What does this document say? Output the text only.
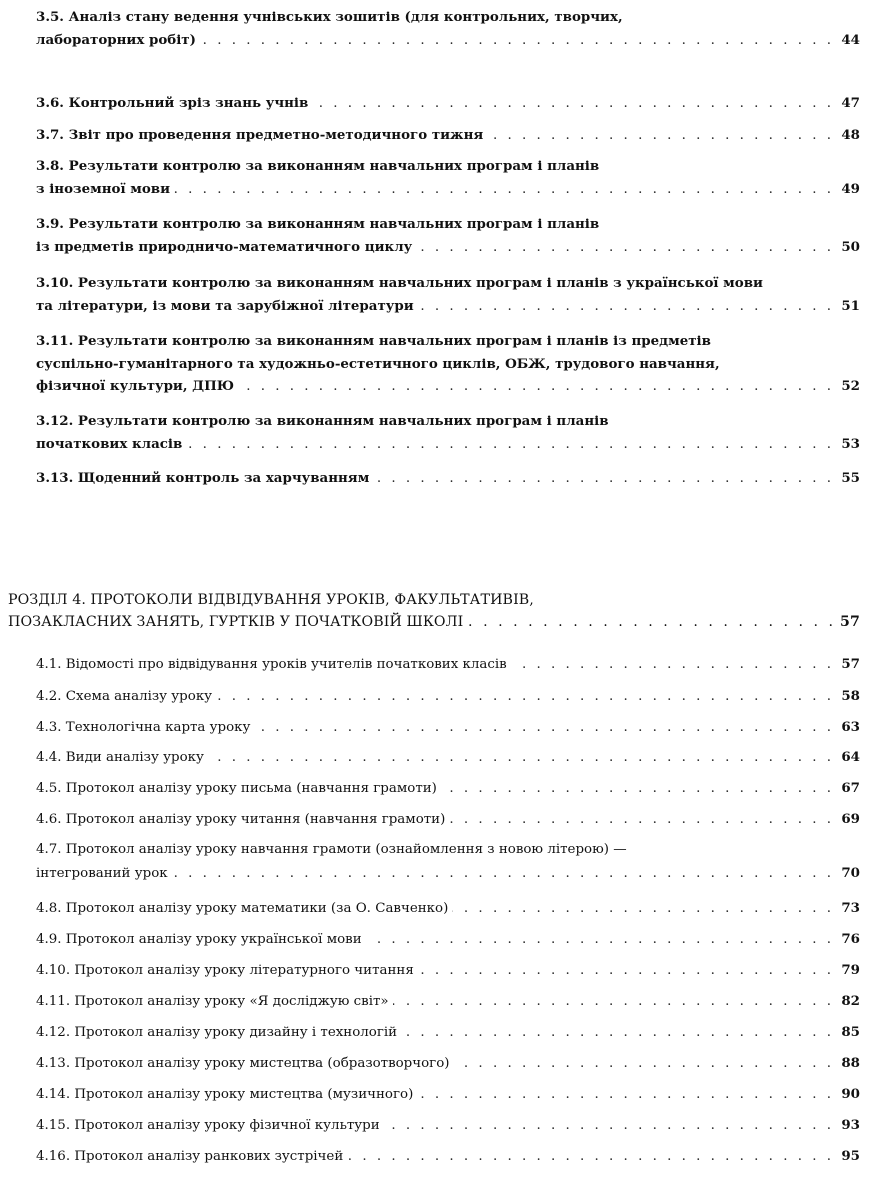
3.5. Аналіз стану ведення учнівських зошитів (для контрольних, творчих,
лабораторних робіт) . . .	44
3.6. Контрольний зріз знань учнів . . .	47
3.7. Звіт про проведення предметно-методичного тижня . . .	48
3.8. Результати контролю за виконанням навчальних програм і планів
з іноземної мови . . .	49
3.9. Результати контролю за виконанням навчальних програм і планів
із предметів природничо-математичного циклу . . .	50
3.10. Результати контролю за виконанням навчальних програм і планів з української мови
та літератури, із мови та зарубіжної літератури . . .	51
3.11. Результати контролю за виконанням навчальних програм і планів із предметів
суспільно-гуманітарного та художньо-естетичного циклів, ОБЖ, трудового навчання,
фізичної культури, ДПЮ . . .	52
3.12. Результати контролю за виконанням навчальних програм і планів
початкових класів . . .	53
3.13. Щоденний контроль за харчуванням . . .	55
РОЗДІЛ 4. ПРОТОКОЛИ ВІДВІДУВАННЯ УРОКІВ, ФАКУЛЬТАТИВІВ,
ПОЗАКЛАСНИХ ЗАНЯТЬ, ГУРТКІВ У ПОЧАТКОВІЙ ШКОЛІ . . .	57
4.1. Відомості про відвідування уроків учителів початкових класів . . .	57
4.2. Схема аналізу уроку . . .	58
4.3. Технологічна карта уроку . . .	63
4.4. Види аналізу уроку . . .	64
4.5. Протокол аналізу уроку письма (навчання грамоти) . . .	67
4.6. Протокол аналізу уроку читання (навчання грамоти) . . .	69
4.7. Протокол аналізу уроку навчання грамоти (ознайомлення з новою літерою) —
інтегрований урок . . .	70
4.8. Протокол аналізу уроку математики (за О. Савченко) . . .	73
4.9. Протокол аналізу уроку української мови . . .	76
4.10. Протокол аналізу уроку літературного читання . . .	79
4.11. Протокол аналізу уроку «Я досліджую світ» . . .	82
4.12. Протокол аналізу уроку дизайну і технологій . . .	85
4.13. Протокол аналізу уроку мистецтва (образотворчого) . . .	88
4.14. Протокол аналізу уроку мистецтва (музичного) . . .	90
4.15. Протокол аналізу уроку фізичної культури . . .	93
4.16. Протокол аналізу ранкових зустрічей . . .	95
